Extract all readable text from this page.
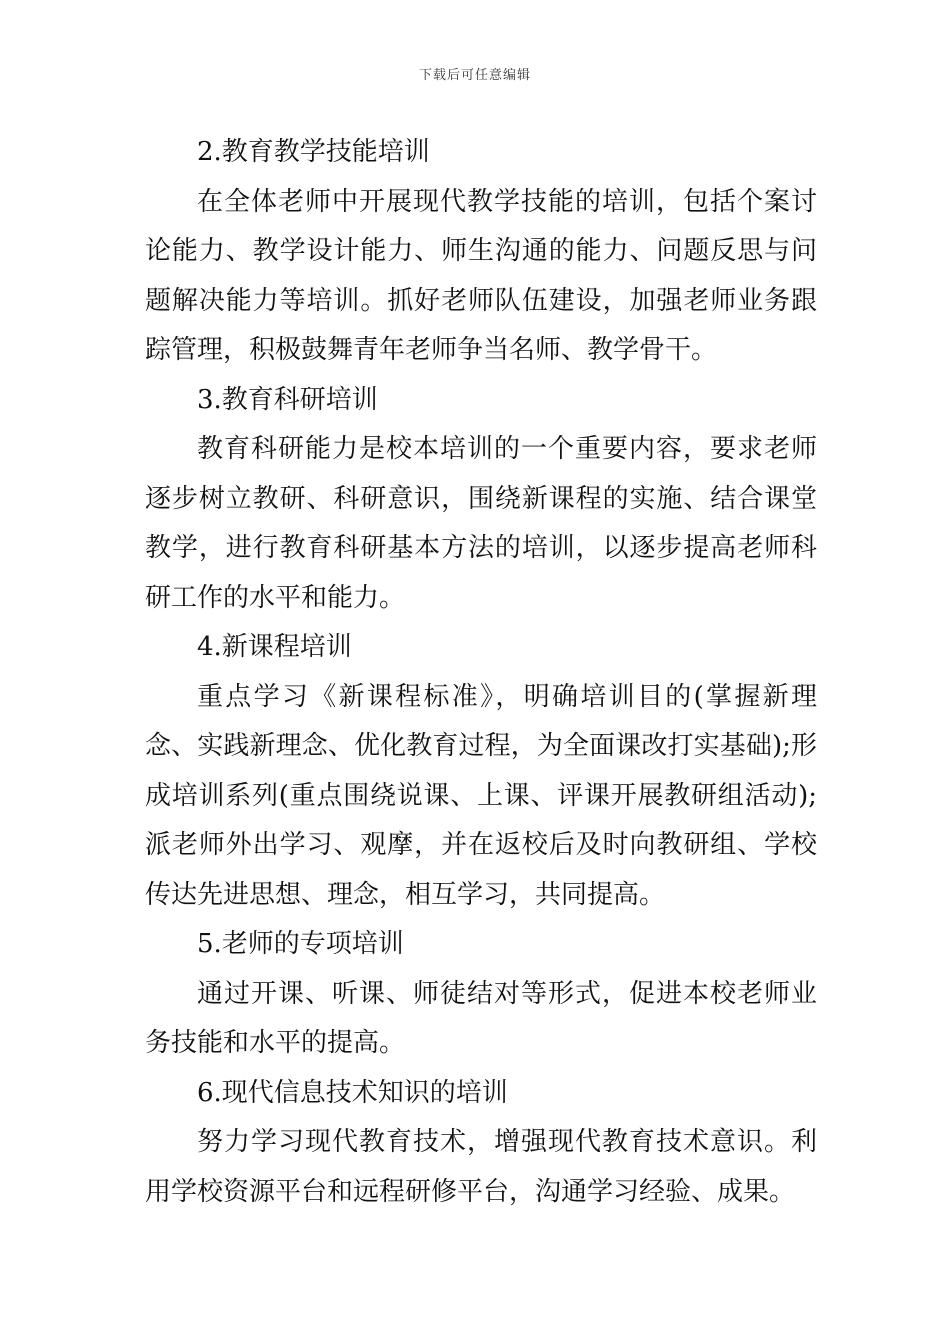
下载后可任意编辑

2.教育教学技能培训

在全体老师中开展现代教学技能的培训，包括个案讨论能力、教学设计能力、师生沟通的能力、问题反思与问题解决能力等培训。抓好老师队伍建设，加强老师业务跟踪管理，积极鼓舞青年老师争当名师、教学骨干。

3.教育科研培训

教育科研能力是校本培训的一个重要内容，要求老师逐步树立教研、科研意识，围绕新课程的实施、结合课堂教学，进行教育科研基本方法的培训，以逐步提高老师科研工作的水平和能力。

4.新课程培训

重点学习《新课程标准》，明确培训目的(掌握新理念、实践新理念、优化教育过程，为全面课改打实基础);形成培训系列(重点围绕说课、上课、评课开展教研组活动);派老师外出学习、观摩，并在返校后及时向教研组、学校传达先进思想、理念，相互学习，共同提高。

5.老师的专项培训

通过开课、听课、师徒结对等形式，促进本校老师业务技能和水平的提高。

6.现代信息技术知识的培训

努力学习现代教育技术，增强现代教育技术意识。利用学校资源平台和远程研修平台，沟通学习经验、成果。
